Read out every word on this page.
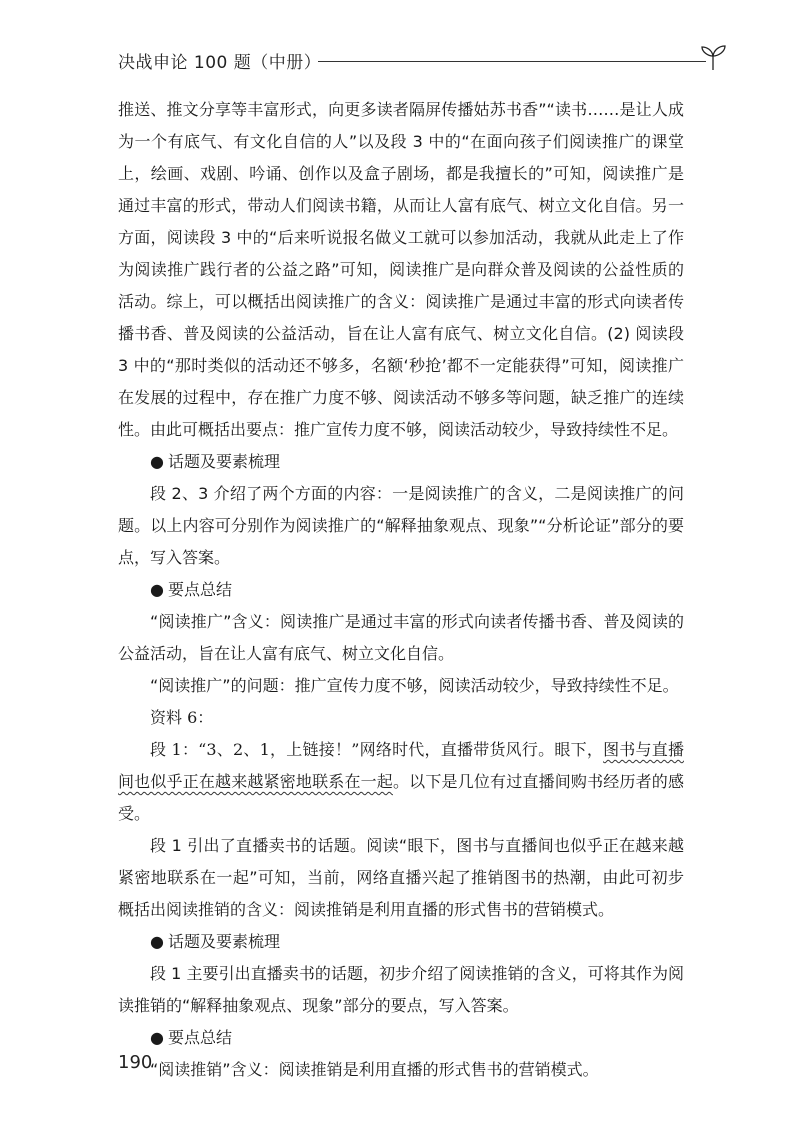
决战申论 100 题（中册）

推送、推文分享等丰富形式，向更多读者隔屏传播姑苏书香”“读书……是让人成为一个有底气、有文化自信的人”以及段 3 中的“在面向孩子们阅读推广的课堂上，绘画、戏剧、吟诵、创作以及盒子剧场，都是我擅长的”可知，阅读推广是通过丰富的形式，带动人们阅读书籍，从而让人富有底气、树立文化自信。另一方面，阅读段 3 中的“后来听说报名做义工就可以参加活动，我就从此走上了作为阅读推广践行者的公益之路”可知，阅读推广是向群众普及阅读的公益性质的活动。综上，可以概括出阅读推广的含义：阅读推广是通过丰富的形式向读者传播书香、普及阅读的公益活动，旨在让人富有底气、树立文化自信。(2) 阅读段 3 中的“那时类似的活动还不够多，名额‘秒抢’都不一定能获得”可知，阅读推广在发展的过程中，存在推广力度不够、阅读活动不够多等问题，缺乏推广的连续性。由此可概括出要点：推广宣传力度不够，阅读活动较少，导致持续性不足。

● 话题及要素梳理

段 2、3 介绍了两个方面的内容：一是阅读推广的含义，二是阅读推广的问题。以上内容可分别作为阅读推广的“解释抽象观点、现象”“分析论证”部分的要点，写入答案。

● 要点总结

“阅读推广”含义：阅读推广是通过丰富的形式向读者传播书香、普及阅读的公益活动，旨在让人富有底气、树立文化自信。

“阅读推广”的问题：推广宣传力度不够，阅读活动较少，导致持续性不足。

资料 6：

段 1：“3、2、1，上链接！”网络时代，直播带货风行。眼下，图书与直播间也似乎正在越来越紧密地联系在一起。以下是几位有过直播间购书经历者的感受。

段 1 引出了直播卖书的话题。阅读“眼下，图书与直播间也似乎正在越来越紧密地联系在一起”可知，当前，网络直播兴起了推销图书的热潮，由此可初步概括出阅读推销的含义：阅读推销是利用直播的形式售书的营销模式。

● 话题及要素梳理

段 1 主要引出直播卖书的话题，初步介绍了阅读推销的含义，可将其作为阅读推销的“解释抽象观点、现象”部分的要点，写入答案。

● 要点总结

“阅读推销”含义：阅读推销是利用直播的形式售书的营销模式。

190
